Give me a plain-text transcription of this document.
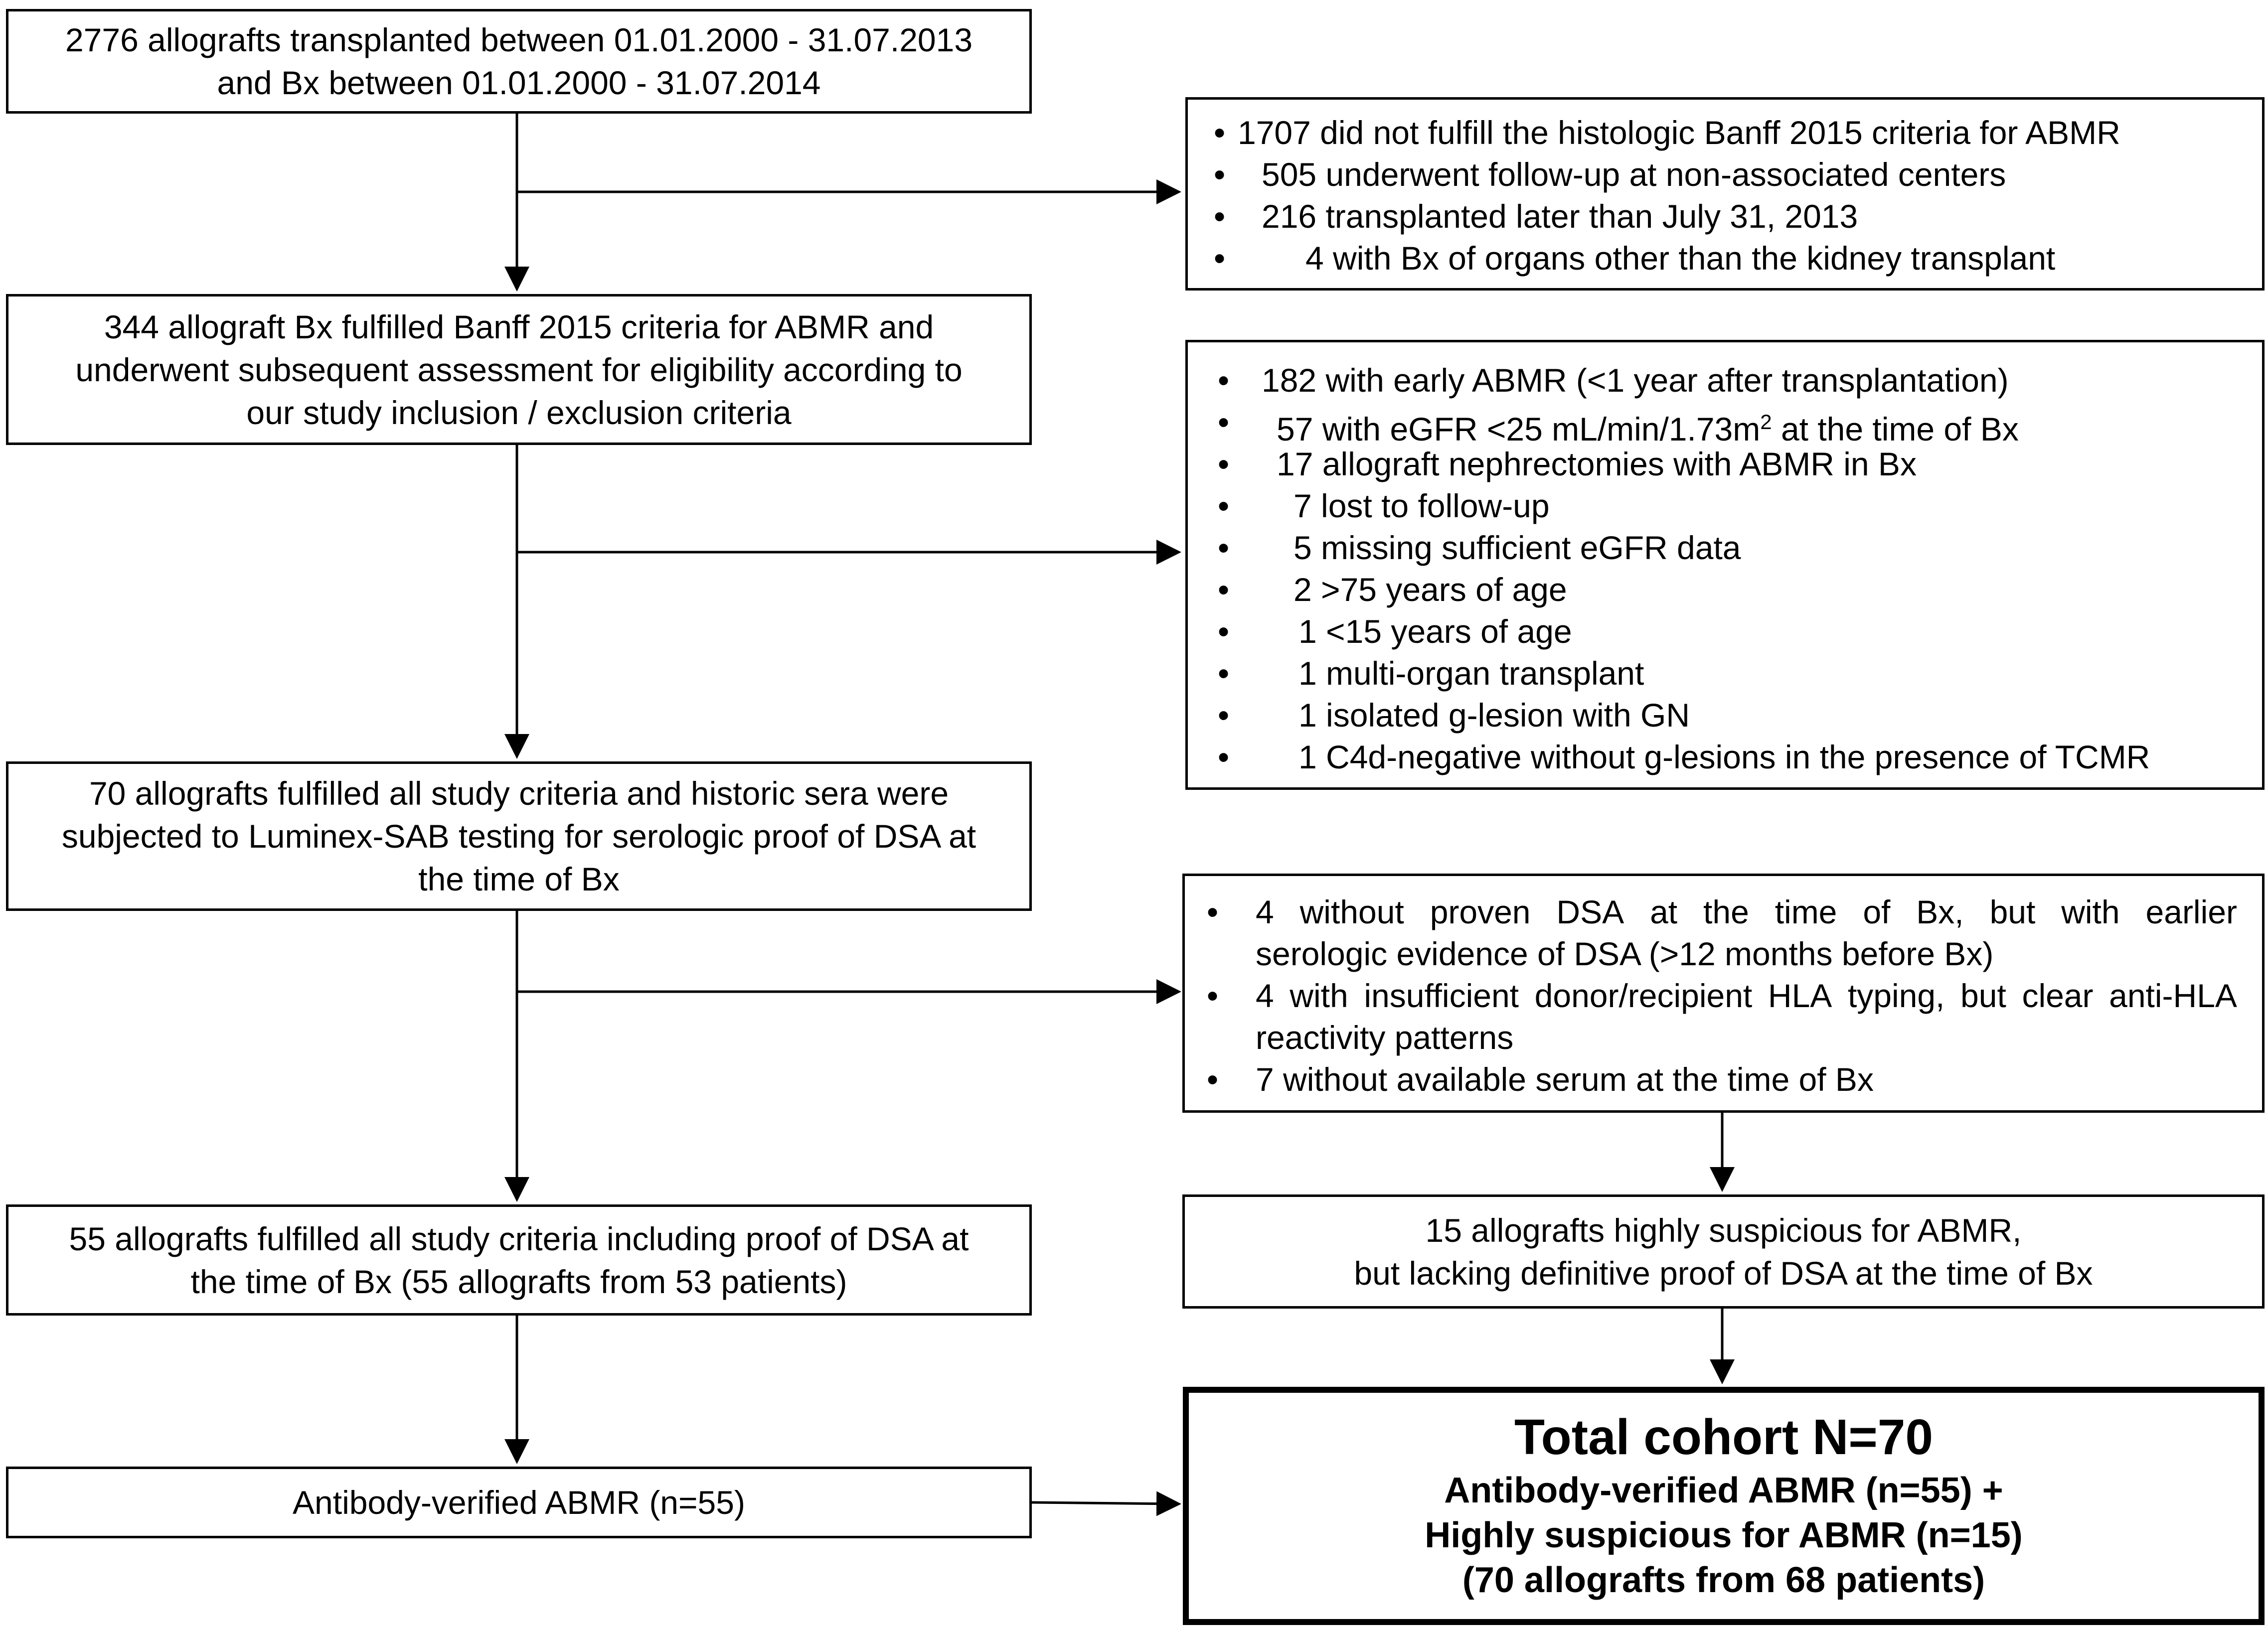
2776 allografts transplanted between 01.01.2000 - 31.07.2013
and Bx between 01.01.2000 - 31.07.2014
• 1707 did not fulfill the histologic Banff 2015 criteria for ABMR
• 505 underwent follow-up at non-associated centers
• 216 transplanted later than July 31, 2013
• 4 with Bx of organs other than the kidney transplant
344 allograft Bx fulfilled Banff 2015 criteria for ABMR and
underwent subsequent assessment for eligibility according to
our study inclusion / exclusion criteria
• 182 with early ABMR (<1 year after transplantation)
• 57 with eGFR <25 $mL/\min/1.73m^2$ at the time of Bx
• 17 allograft nephrectomies with ABMR in Bx
• 7 lost to follow-up
• 5 missing sufficient eGFR data
• 2 >75 years of age
• 1 <15 years of age
• 1 multi-organ transplant
• 1 isolated g-lesion with GN
• 1 C4d-negative without g-lesions in the presence of TCMR
70 allografts fulfilled all study criteria and historic sera were
subjected to Luminex-SAB testing for serologic proof of DSA at
the time of Bx
• 4 without proven DSA at the time of Bx, but with earlier
serologic evidence of DSA (>12 months before Bx)
• 4 with insufficient donor/recipient HLA typing, but clear anti-HLA
reactivity patterns
• 7 without available serum at the time of Bx
55 allografts fulfilled all study criteria including proof of DSA at
the time of Bx (55 allografts from 53 patients)
15 allografts highly suspicious for ABMR,
but lacking definitive proof of DSA at the time of Bx
Antibody-verified ABMR (n=55)
Total cohort N=70
Antibody-verified ABMR (n=55) +
Highly suspicious for ABMR (n=15)
(70 allografts from 68 patients)
